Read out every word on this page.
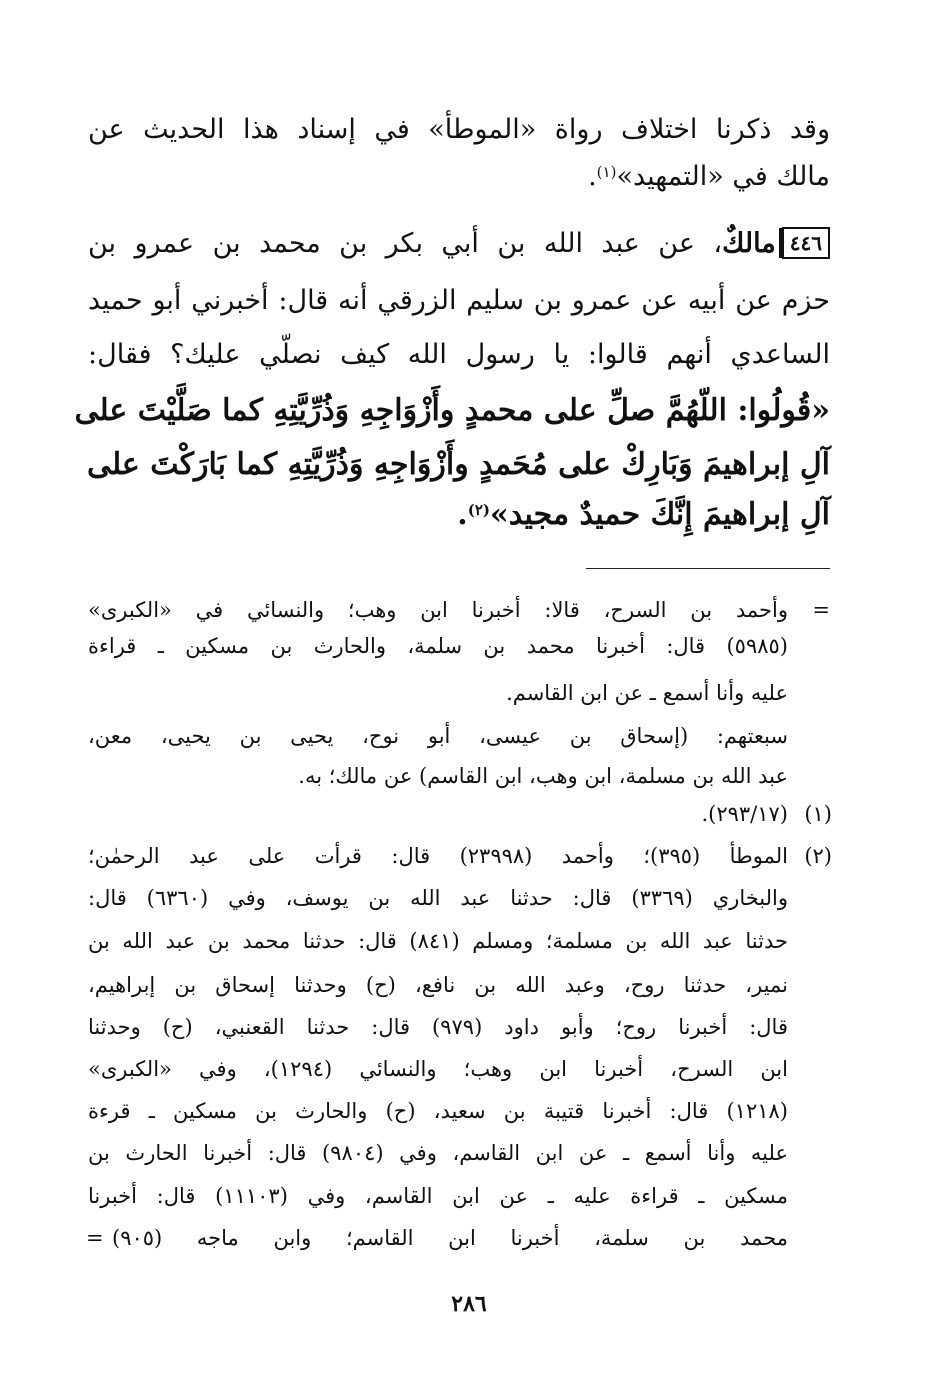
وقد ذكرنا اختلاف رواة «الموطأ» في إسناد هذا الحديث عن
مالك في «التمهيد»$^{(١)}$.
٤٤٦مالكٌ، عن عبد الله بن أبي بكر بن محمد بن عمرو بن
حزم عن أبيه عن عمرو بن سليم الزرقي أنه قال: أخبرني أبو حميد
الساعدي أنهم قالوا: يا رسول الله كيف نصلّي عليك؟ فقال:
«قُولُوا: اللّهُمَّ صلِّ على محمدٍ وأَزْوَاجِهِ وَذُرِّيَّتِهِ كما صَلَّيْتَ على
آلِ إبراهيمَ وَبَارِكْ على مُحَمدٍ وأَزْوَاجِهِ وَذُرِّيَّتِهِ كما بَارَكْتَ على
آلِ إبراهيمَ إِنَّكَ حميدٌ مجيد»$^{(٢)}$.
=
وأحمد بن السرح، قالا: أخبرنا ابن وهب؛ والنسائي في «الكبرى»
(٥٩٨٥) قال: أخبرنا محمد بن سلمة، والحارث بن مسكين ـ قراءة
عليه وأنا أسمع ـ عن ابن القاسم.
سبعتهم: (إسحاق بن عيسى، أبو نوح، يحيى بن يحيى، معن،
عبد الله بن مسلمة، ابن وهب، ابن القاسم) عن مالك؛ به.
(١)
(٢٩٣/١٧).
(٢)
الموطأ (٣٩٥)؛ وأحمد (٢٣٩٩٨) قال: قرأت على عبد الرحمٰن؛
والبخاري (٣٣٦٩) قال: حدثنا عبد الله بن يوسف، وفي (٦٣٦٠) قال:
حدثنا عبد الله بن مسلمة؛ ومسلم (٨٤١) قال: حدثنا محمد بن عبد الله بن
نمير، حدثنا روح، وعبد الله بن نافع، (ح) وحدثنا إسحاق بن إبراهيم،
قال: أخبرنا روح؛ وأبو داود (٩٧٩) قال: حدثنا القعنبي، (ح) وحدثنا
ابن السرح، أخبرنا ابن وهب؛ والنسائي (١٢٩٤)، وفي «الكبرى»
(١٢١٨) قال: أخبرنا قتيبة بن سعيد، (ح) والحارث بن مسكين ـ قرءة
عليه وأنا أسمع ـ عن ابن القاسم، وفي (٩٨٠٤) قال: أخبرنا الحارث بن
مسكين ـ قراءة عليه ـ عن ابن القاسم، وفي (١١١٠٣) قال: أخبرنا
محمد بن سلمة، أخبرنا ابن القاسم؛ وابن ماجه (٩٠٥)
=
٢٨٦
